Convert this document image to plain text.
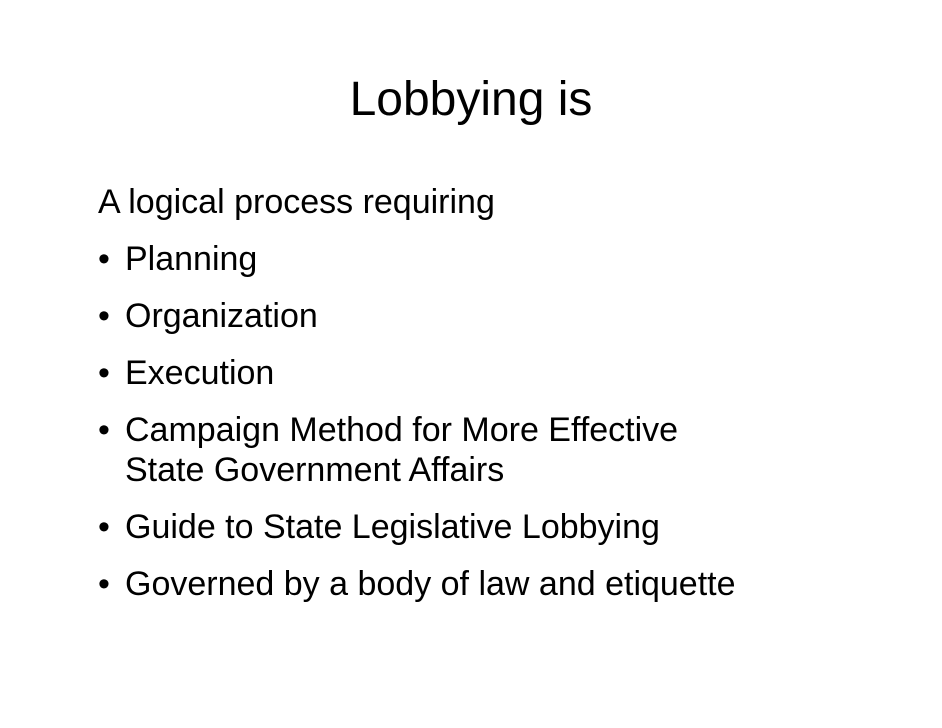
Lobbying is

A logical process requiring

• Planning
• Organization
• Execution
• Campaign Method for More Effective
State Government Affairs
• Guide to State Legislative Lobbying
• Governed by a body of law and etiquette
